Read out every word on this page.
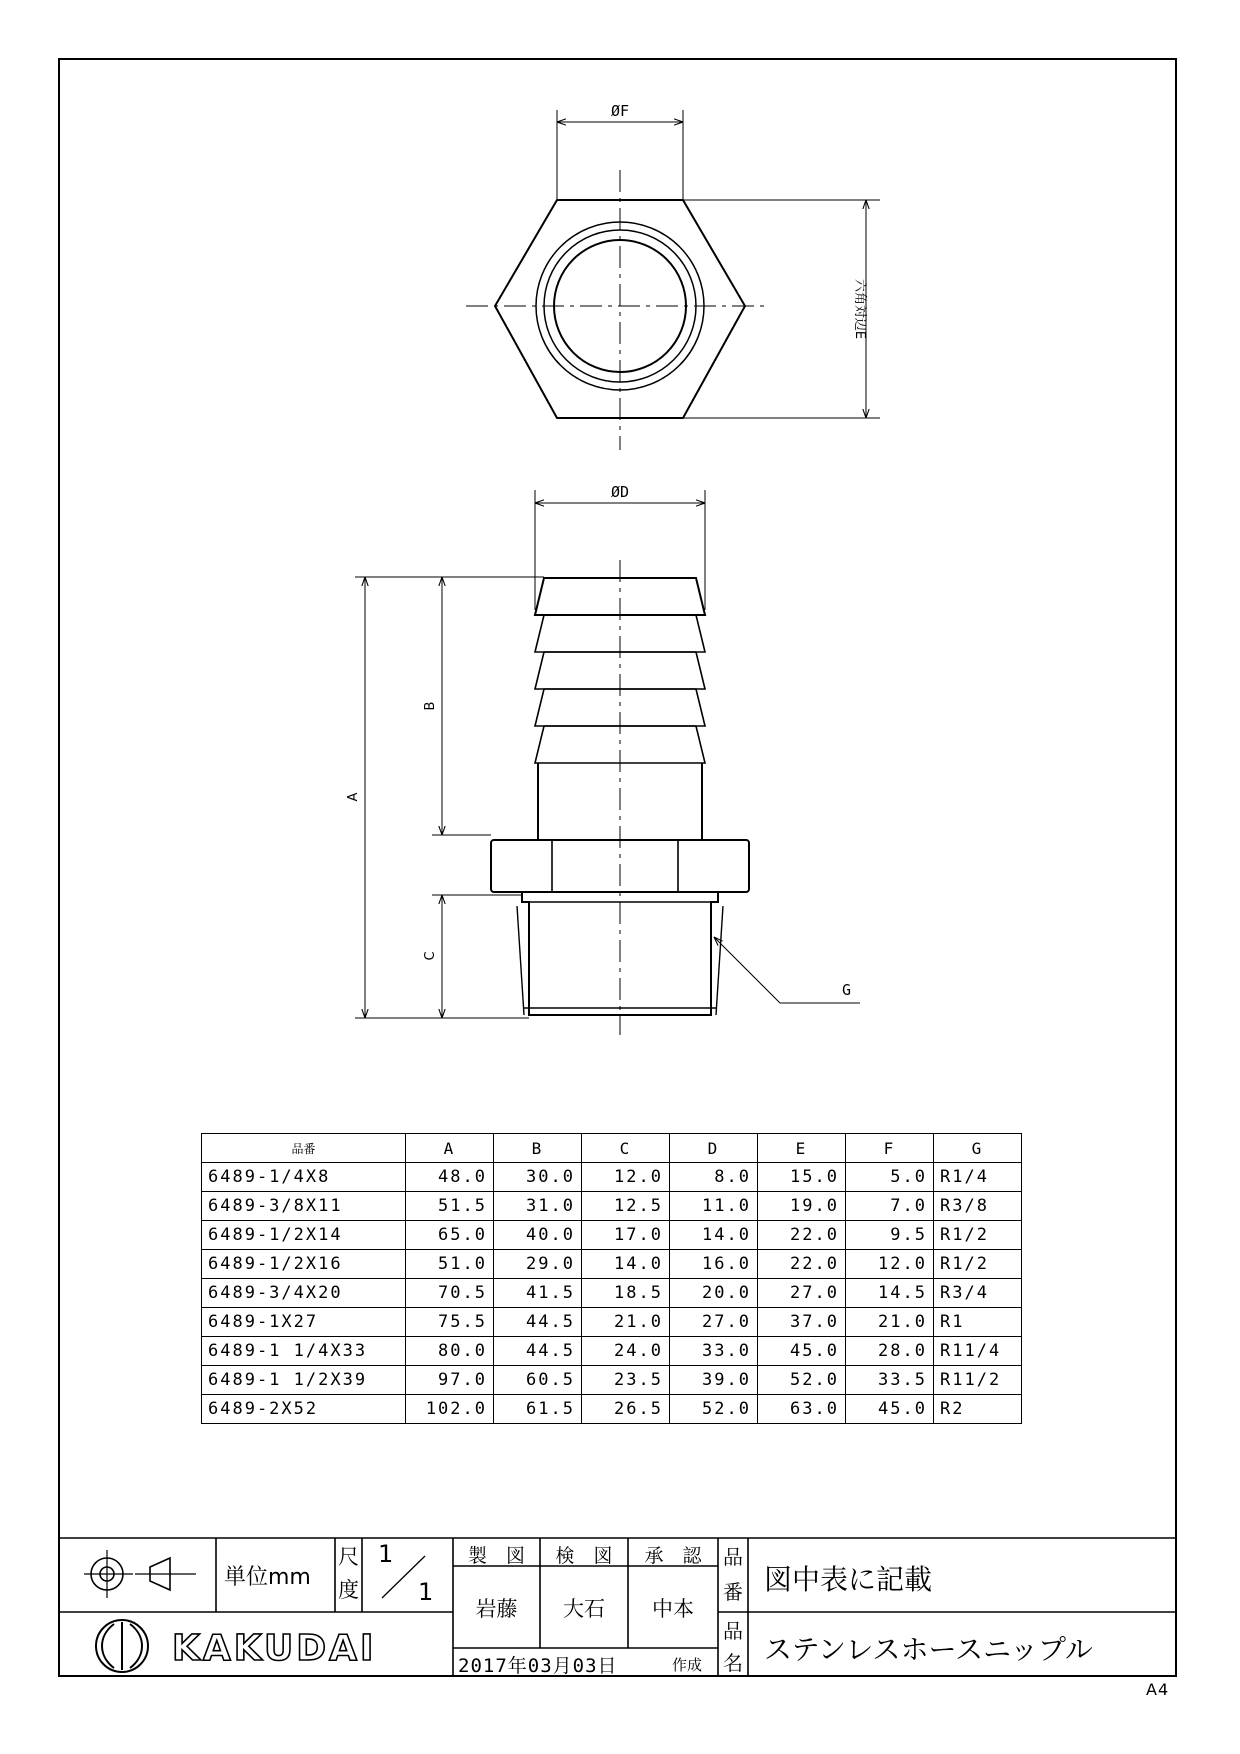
ØF
六角対辺E
ØD
A
B
C
G
KAKUDAI
品番	A	B	C	D	E	F	G
6489-1/4X8	48.0	30.0	12.0	8.0	15.0	5.0	R1/4
6489-3/8X11	51.5	31.0	12.5	11.0	19.0	7.0	R3/8
6489-1/2X14	65.0	40.0	17.0	14.0	22.0	9.5	R1/2
6489-1/2X16	51.0	29.0	14.0	16.0	22.0	12.0	R1/2
6489-3/4X20	70.5	41.5	18.5	20.0	27.0	14.5	R3/4
6489-1X27	75.5	44.5	21.0	27.0	37.0	21.0	R1
6489-1 1/4X33	80.0	44.5	24.0	33.0	45.0	28.0	R11/4
6489-1 1/2X39	97.0	60.5	23.5	39.0	52.0	33.5	R11/2
6489-2X52	102.0	61.5	26.5	52.0	63.0	45.0	R2
単位mm
尺
度
1
1
製　図	検　図	承　認
岩藤	大石	中本
2017年03月03日	作成
品
番 図中表に記載
品
名 ステンレスホースニップル
A4
